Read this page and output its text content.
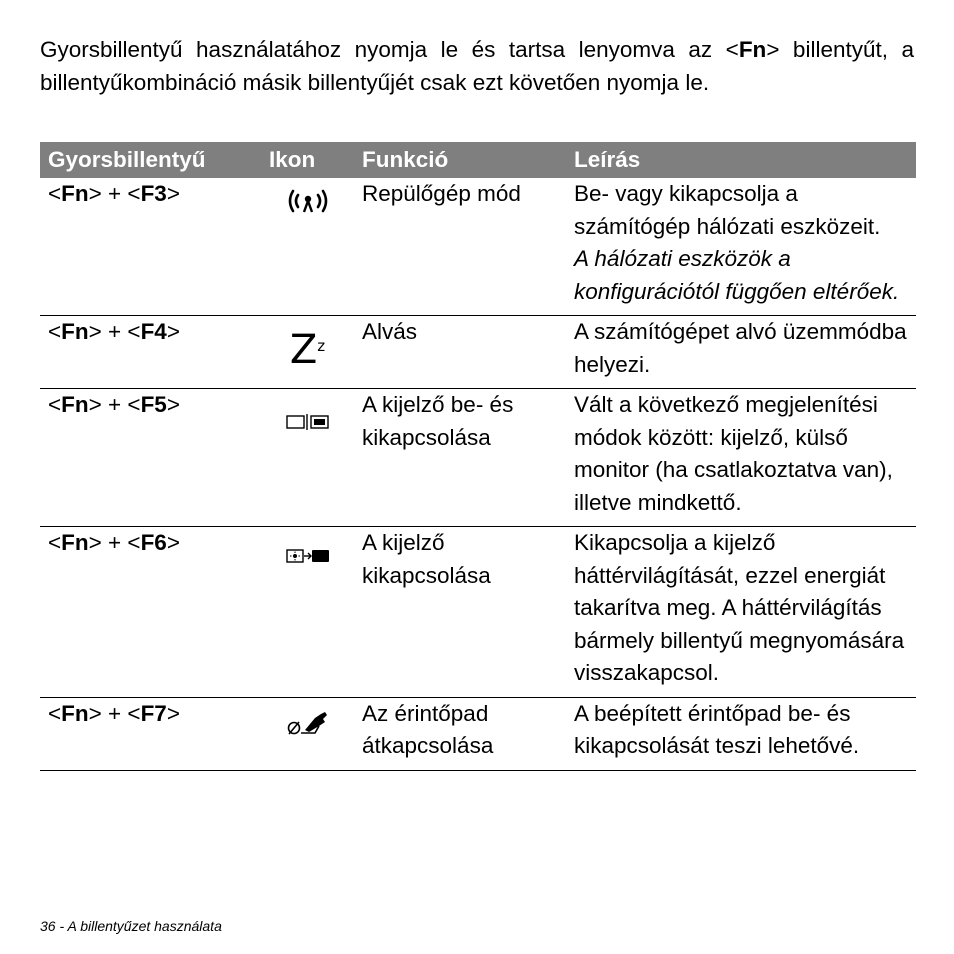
Gyorsbillentyű használatához nyomja le és tartsa lenyomva az <Fn> billentyűt, a billentyűkombináció másik billentyűjét csak ezt követően nyomja le.

Gyorsbillentyű	Ikon	Funkció	Leírás
<Fn> + <F3>		Repülőgép mód	Be- vagy kikapcsolja a számítógép hálózati eszközeit.
A hálózati eszközök a konfigurációtól függően eltérőek.

<Fn> + <F4>	$Z^z$	Alvás	A számítógépet alvó üzemmódba helyezi.
<Fn> + <F5>		A kijelző be- és kikapcsolása	Vált a következő megjelenítési módok között: kijelző, külső monitor (ha csatlakoztatva van), illetve mindkettő.
<Fn> + <F6>		A kijelző kikapcsolása	Kikapcsolja a kijelző háttérvilágítását, ezzel energiát takarítva meg. A háttérvilágítás bármely billentyű megnyomására visszakapcsol.
<Fn> + <F7>		Az érintőpad átkapcsolása	A beépített érintőpad be- és kikapcsolását teszi lehetővé.
36 - A billentyűzet használata
